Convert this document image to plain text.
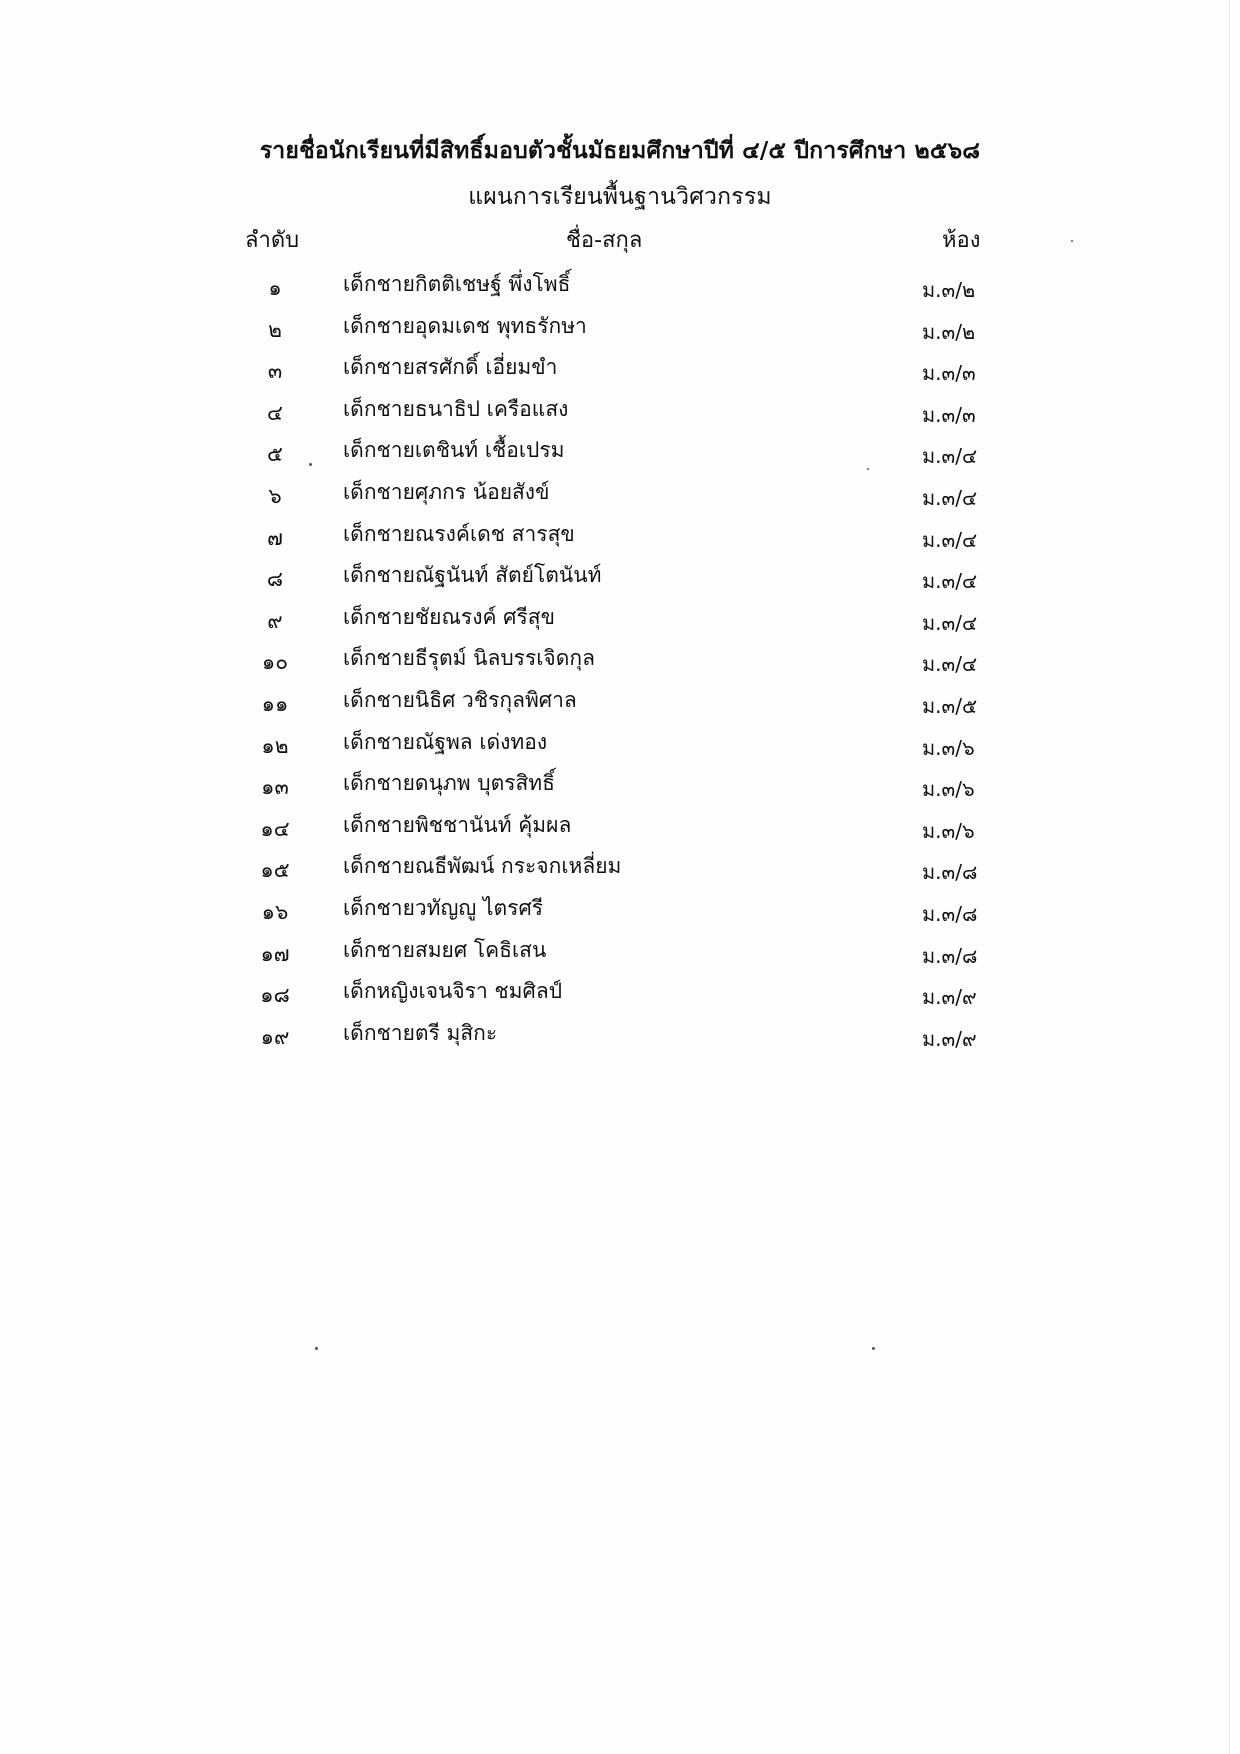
รายชื่อนักเรียนที่มีสิทธิ์มอบตัวชั้นมัธยมศึกษาปีที่ ๔/๕ ปีการศึกษา ๒๕๖๘
แผนการเรียนพื้นฐานวิศวกรรม
ลำดับ	ชื่อ-สกุล	ห้อง
๑	เด็กชายกิตติเชษฐ์ พึ่งโพธิ์	ม.๓/๒
๒	เด็กชายอุดมเดช พุทธรักษา	ม.๓/๒
๓	เด็กชายสรศักดิ์ เอี่ยมขำ	ม.๓/๓
๔	เด็กชายธนาธิป เครือแสง	ม.๓/๓
๕	เด็กชายเตชินท์ เชื้อเปรม	ม.๓/๔
๖	เด็กชายศุภกร น้อยสังข์	ม.๓/๔
๗	เด็กชายณรงค์เดช สารสุข	ม.๓/๔
๘	เด็กชายณัฐนันท์ สัตย์โตนันท์	ม.๓/๔
๙	เด็กชายชัยณรงค์ ศรีสุข	ม.๓/๔
๑๐	เด็กชายธีรุตม์ นิลบรรเจิดกุล	ม.๓/๔
๑๑	เด็กชายนิธิศ วชิรกุลพิศาล	ม.๓/๕
๑๒	เด็กชายณัฐพล เด่งทอง	ม.๓/๖
๑๓	เด็กชายดนุภพ บุตรสิทธิ์	ม.๓/๖
๑๔	เด็กชายพิชชานันท์ คุ้มผล	ม.๓/๖
๑๕	เด็กชายณธีพัฒน์ กระจกเหลี่ยม	ม.๓/๘
๑๖	เด็กชายวทัญญู ไตรศรี	ม.๓/๘
๑๗	เด็กชายสมยศ โคธิเสน	ม.๓/๘
๑๘	เด็กหญิงเจนจิรา ชมศิลป์	ม.๓/๙
๑๙	เด็กชายตรี มุสิกะ	ม.๓/๙
